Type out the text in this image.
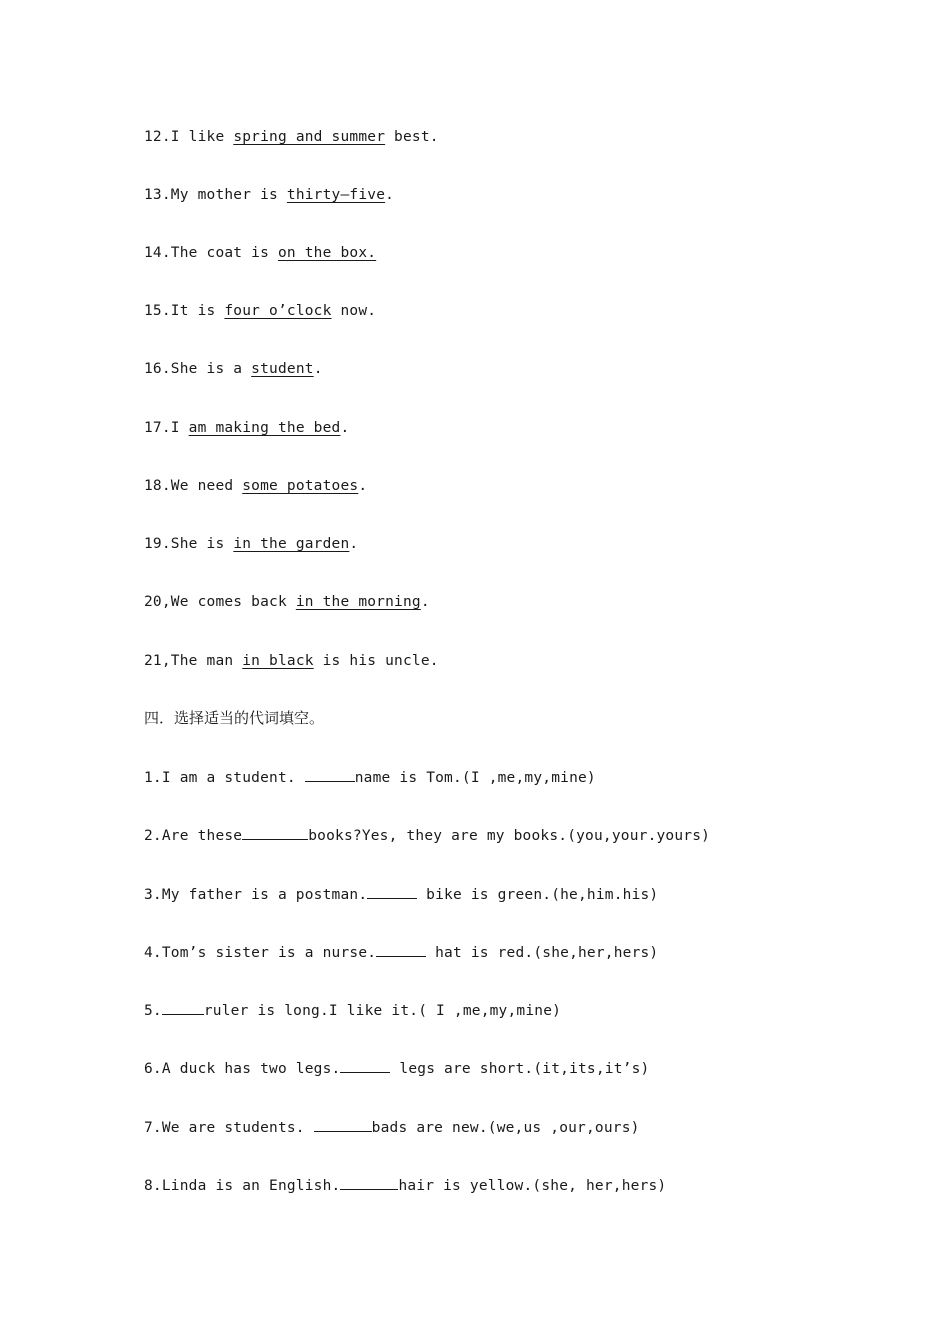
12.I like spring and summer best.
13.My mother is thirty—five.
14.The coat is on the box.
15.It is four o’clock now.
16.She is a student.
17.I am making the bed.
18.We need some potatoes.
19.She is in the garden.
20,We comes back in the morning.
21,The man in black is his uncle.
四．选择适当的代词填空。
1.I am a student.	name is Tom.(I ,me,my,mine)
2.Are these	books?Yes, they are my books.(you,your.yours)
3.My father is a postman.	bike is green.(he,him.his)
4.Tom’s sister is a nurse.	hat is red.(she,her,hers)
5.	ruler is long.I like it.( I ,me,my,mine)
6.A duck has two legs.	legs are short.(it,its,it’s)
7.We are students.	bads are new.(we,us ,our,ours)
8.Linda is an English.	hair is yellow.(she, her,hers)
